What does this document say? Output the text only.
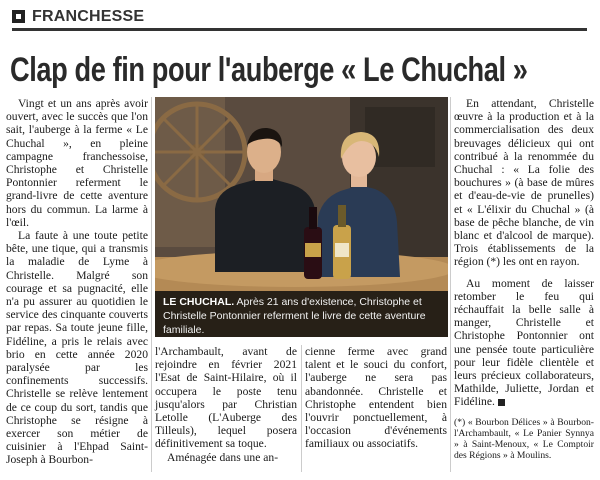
FRANCHESSE
Clap de fin pour l'auberge « Le Chuchal »

Vingt et un ans après avoir ouvert, avec le succès que l'on sait, l'auberge à la ferme « Le Chuchal », en pleine campagne franchessoise, Christophe et Christelle Pontonnier referment le grand-livre de cette aventure hors du commun. La larme à l'œil.

La faute à une toute petite bête, une tique, qui a transmis la maladie de Lyme à Christelle. Malgré son courage et sa pugnacité, elle n'a pu assurer au quotidien le service des cinquante couverts par repas. Sa toute jeune fille, Fidéline, a pris le relais avec brio en cette année 2020 paralysée par les confinements successifs. Christelle se relève lentement de ce coup du sort, tandis que Christophe se résigne à exercer son métier de cuisinier à l'Ehpad Saint-Joseph à Bourbon-

LE CHUCHAL. Après 21 ans d'existence, Christophe et Christelle Pontonnier referment le livre de cette aventure familiale.

l'Archambault, avant de rejoindre en février 2021 l'Esat de Saint-Hilaire, où il occupera le poste tenu jusqu'alors par Christian Letolle (L'Auberge des Tilleuls), lequel posera définitivement sa toque.

Aménagée dans une an-

cienne ferme avec grand talent et le souci du confort, l'auberge ne sera pas abandonnée. Christelle et Christophe entendent bien l'ouvrir ponctuellement, à l'occasion d'événements familiaux ou associatifs.

En attendant, Christelle œuvre à la production et à la commercialisation des deux breuvages délicieux qui ont contribué à la renommée du Chuchal : « La folie des bouchures » (à base de mûres et d'eau-de-vie de prunelles) et « L'élixir du Chuchal » (à base de pêche blanche, de vin blanc et d'alcool de marque). Trois établissements de la région (*) les ont en rayon.

Au moment de laisser retomber le feu qui réchauffait la belle salle à manger, Christelle et Christophe Pontonnier ont une pensée toute particulière pour leur fidèle clientèle et leurs précieux collaborateurs, Mathilde, Juliette, Jordan et Fidéline.

(*) « Bourbon Délices » à Bourbon-l'Archambault, « Le Panier Synnya » à Saint-Menoux, « Le Comptoir des Régions » à Moulins.
